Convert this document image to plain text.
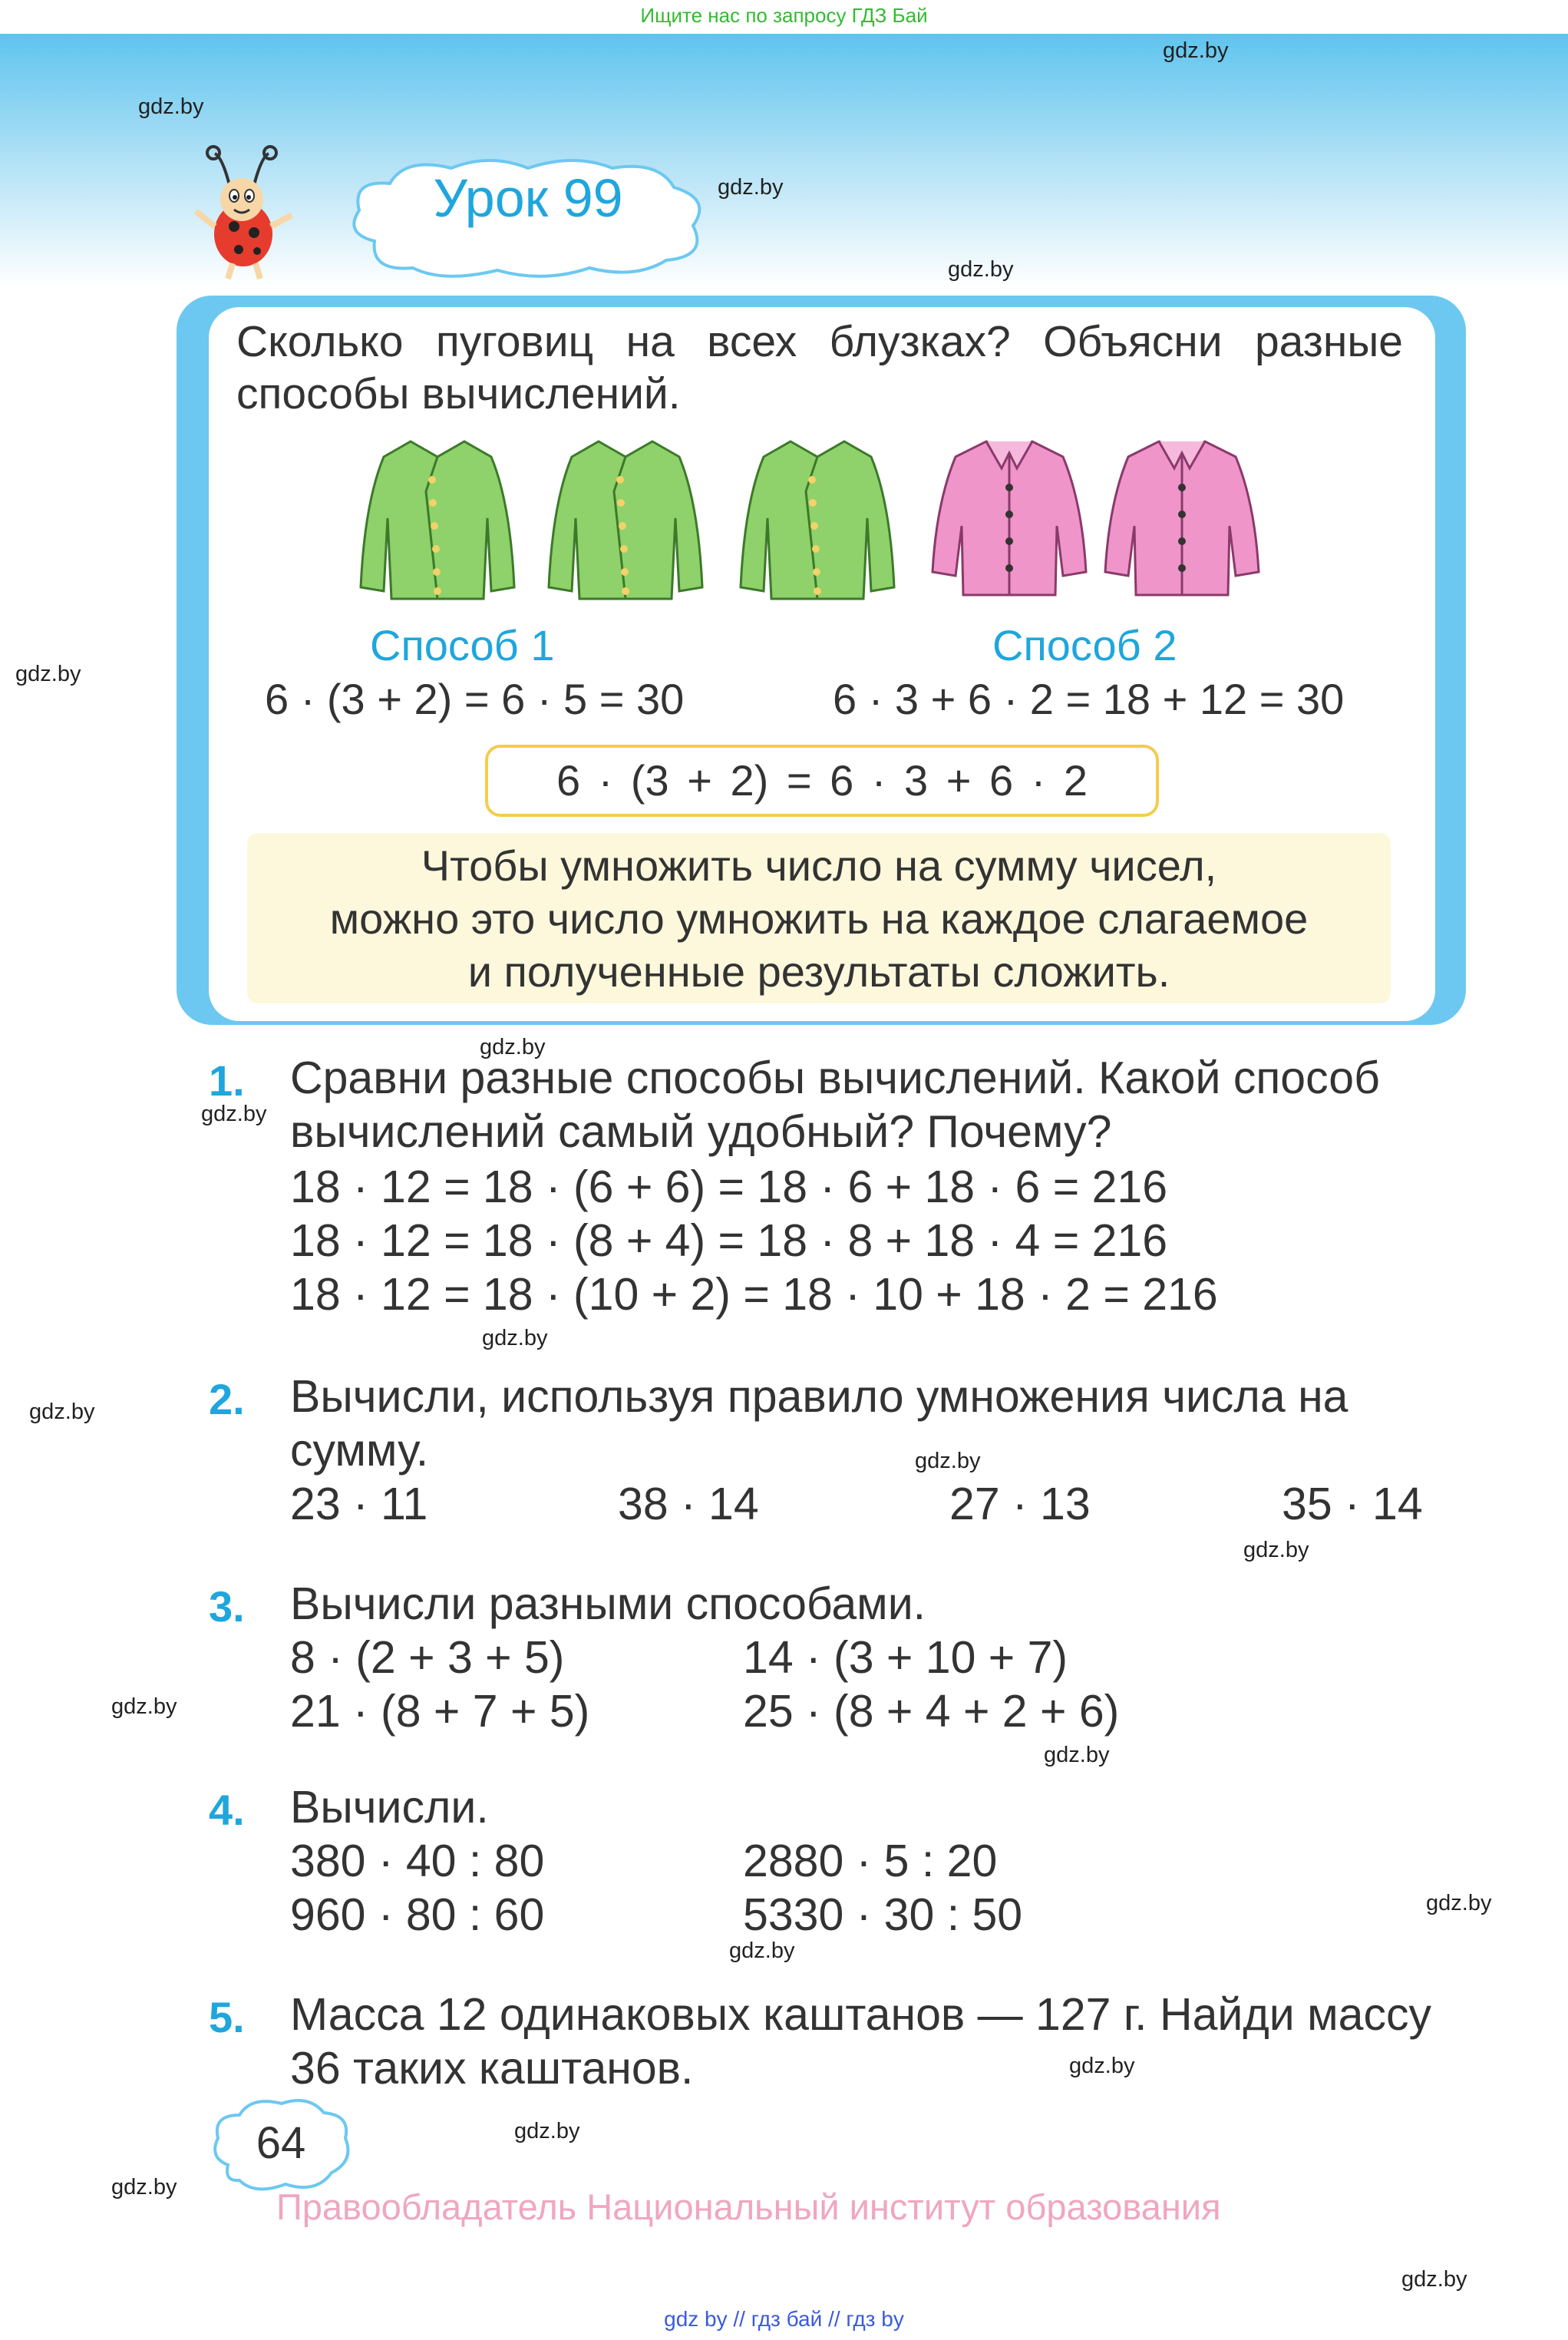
Ищите нас по запросу ГДЗ Бай
gdz.by
gdz.by
gdz.by
gdz.by
gdz.by
gdz.by
gdz.by
gdz.by
gdz.by
gdz.by
gdz.by
gdz.by
gdz.by
gdz.by
gdz.by
gdz.by
gdz.by
gdz.by
gdz.by
Урок 99
Сколько пуговиц на всех блузках? Объясни разные
способы вычислений.
Способ 1
6 · (3 + 2) = 6 · 5 = 30
Способ 2
6 · 3 + 6 · 2 = 18 + 12 = 30
6 · (3 + 2) = 6 · 3 + 6 · 2
Чтобы умножить число на сумму чисел,
можно это число умножить на каждое слагаемое
и полученные результаты сложить.
1. Сравни разные способы вычислений. Какой способ
вычислений самый удобный? Почему?
18 · 12 = 18 · (6 + 6) = 18 · 6 + 18 · 6 = 216
18 · 12 = 18 · (8 + 4) = 18 · 8 + 18 · 4 = 216
18 · 12 = 18 · (10 + 2) = 18 · 10 + 18 · 2 = 216
2. Вычисли, используя правило умножения числа на
сумму.
23 · 11	38 · 14	27 · 13	35 · 14
3. Вычисли разными способами.
8 · (2 + 3 + 5)	14 · (3 + 10 + 7)
21 · (8 + 7 + 5)	25 · (8 + 4 + 2 + 6)
4. Вычисли.
380 · 40 : 80	2880 · 5 : 20
960 · 80 : 60	5330 · 30 : 50
5. Масса 12 одинаковых каштанов — 127 г. Найди массу
36 таких каштанов.
64
Правообладатель Национальный институт образования
gdz by // гдз бай // гдз by
